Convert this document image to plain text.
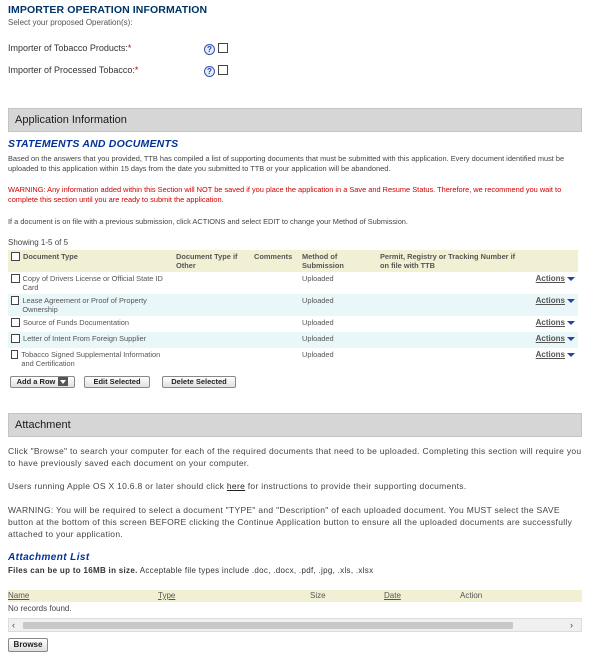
IMPORTER OPERATION INFORMATION
Select your proposed Operation(s):
Importer of Tobacco Products:*	?
Importer of Processed Tobacco:*	?
Application Information
STATEMENTS AND DOCUMENTS
Based on the answers that you provided, TTB has compiled a list of supporting documents that must be submitted with this application. Every document identified must be uploaded to this application within 15 days from the date you submitted to TTB or your application will be abandoned.
WARNING: Any information added within this Section will NOT be saved if you place the application in a Save and Resume Status. Therefore, we recommend you wait to complete this section until you are ready to submit the application.
If a document is on file with a previous submission, click ACTIONS and select EDIT to change your Method of Submission.
Showing 1-5 of 5
Document Type	Document Type if Other	Comments	Method of Submission	Permit, Registry or Tracking Number if on file with TTB	

Copy of Drivers License or Official State ID Card			Uploaded		Actions

Lease Agreement or Proof of Property Ownership			Uploaded		Actions

Source of Funds Documentation			Uploaded		Actions

Letter of Intent From Foreign Supplier			Uploaded		Actions

Tobacco Signed Supplemental Information and Certification			Uploaded		Actions
Add a Row	Edit Selected	Delete Selected
Attachment
Click "Browse" to search your computer for each of the required documents that need to be uploaded. Completing this section will require you to have previously saved each document on your computer.
Users running Apple OS X 10.6.8 or later should click here for instructions to provide their supporting documents.
WARNING: You will be required to select a document "TYPE" and "Description" of each uploaded document. You MUST select the SAVE button at the bottom of this screen BEFORE clicking the Continue Application button to ensure all the uploaded documents are successfully attached to your application.
Attachment List
Files can be up to 16MB in size. Acceptable file types include .doc, .docx, .pdf, .jpg, .xls, .xlsx
Name	Type	Size	Date	Action
No records found.
‹	›
Browse
